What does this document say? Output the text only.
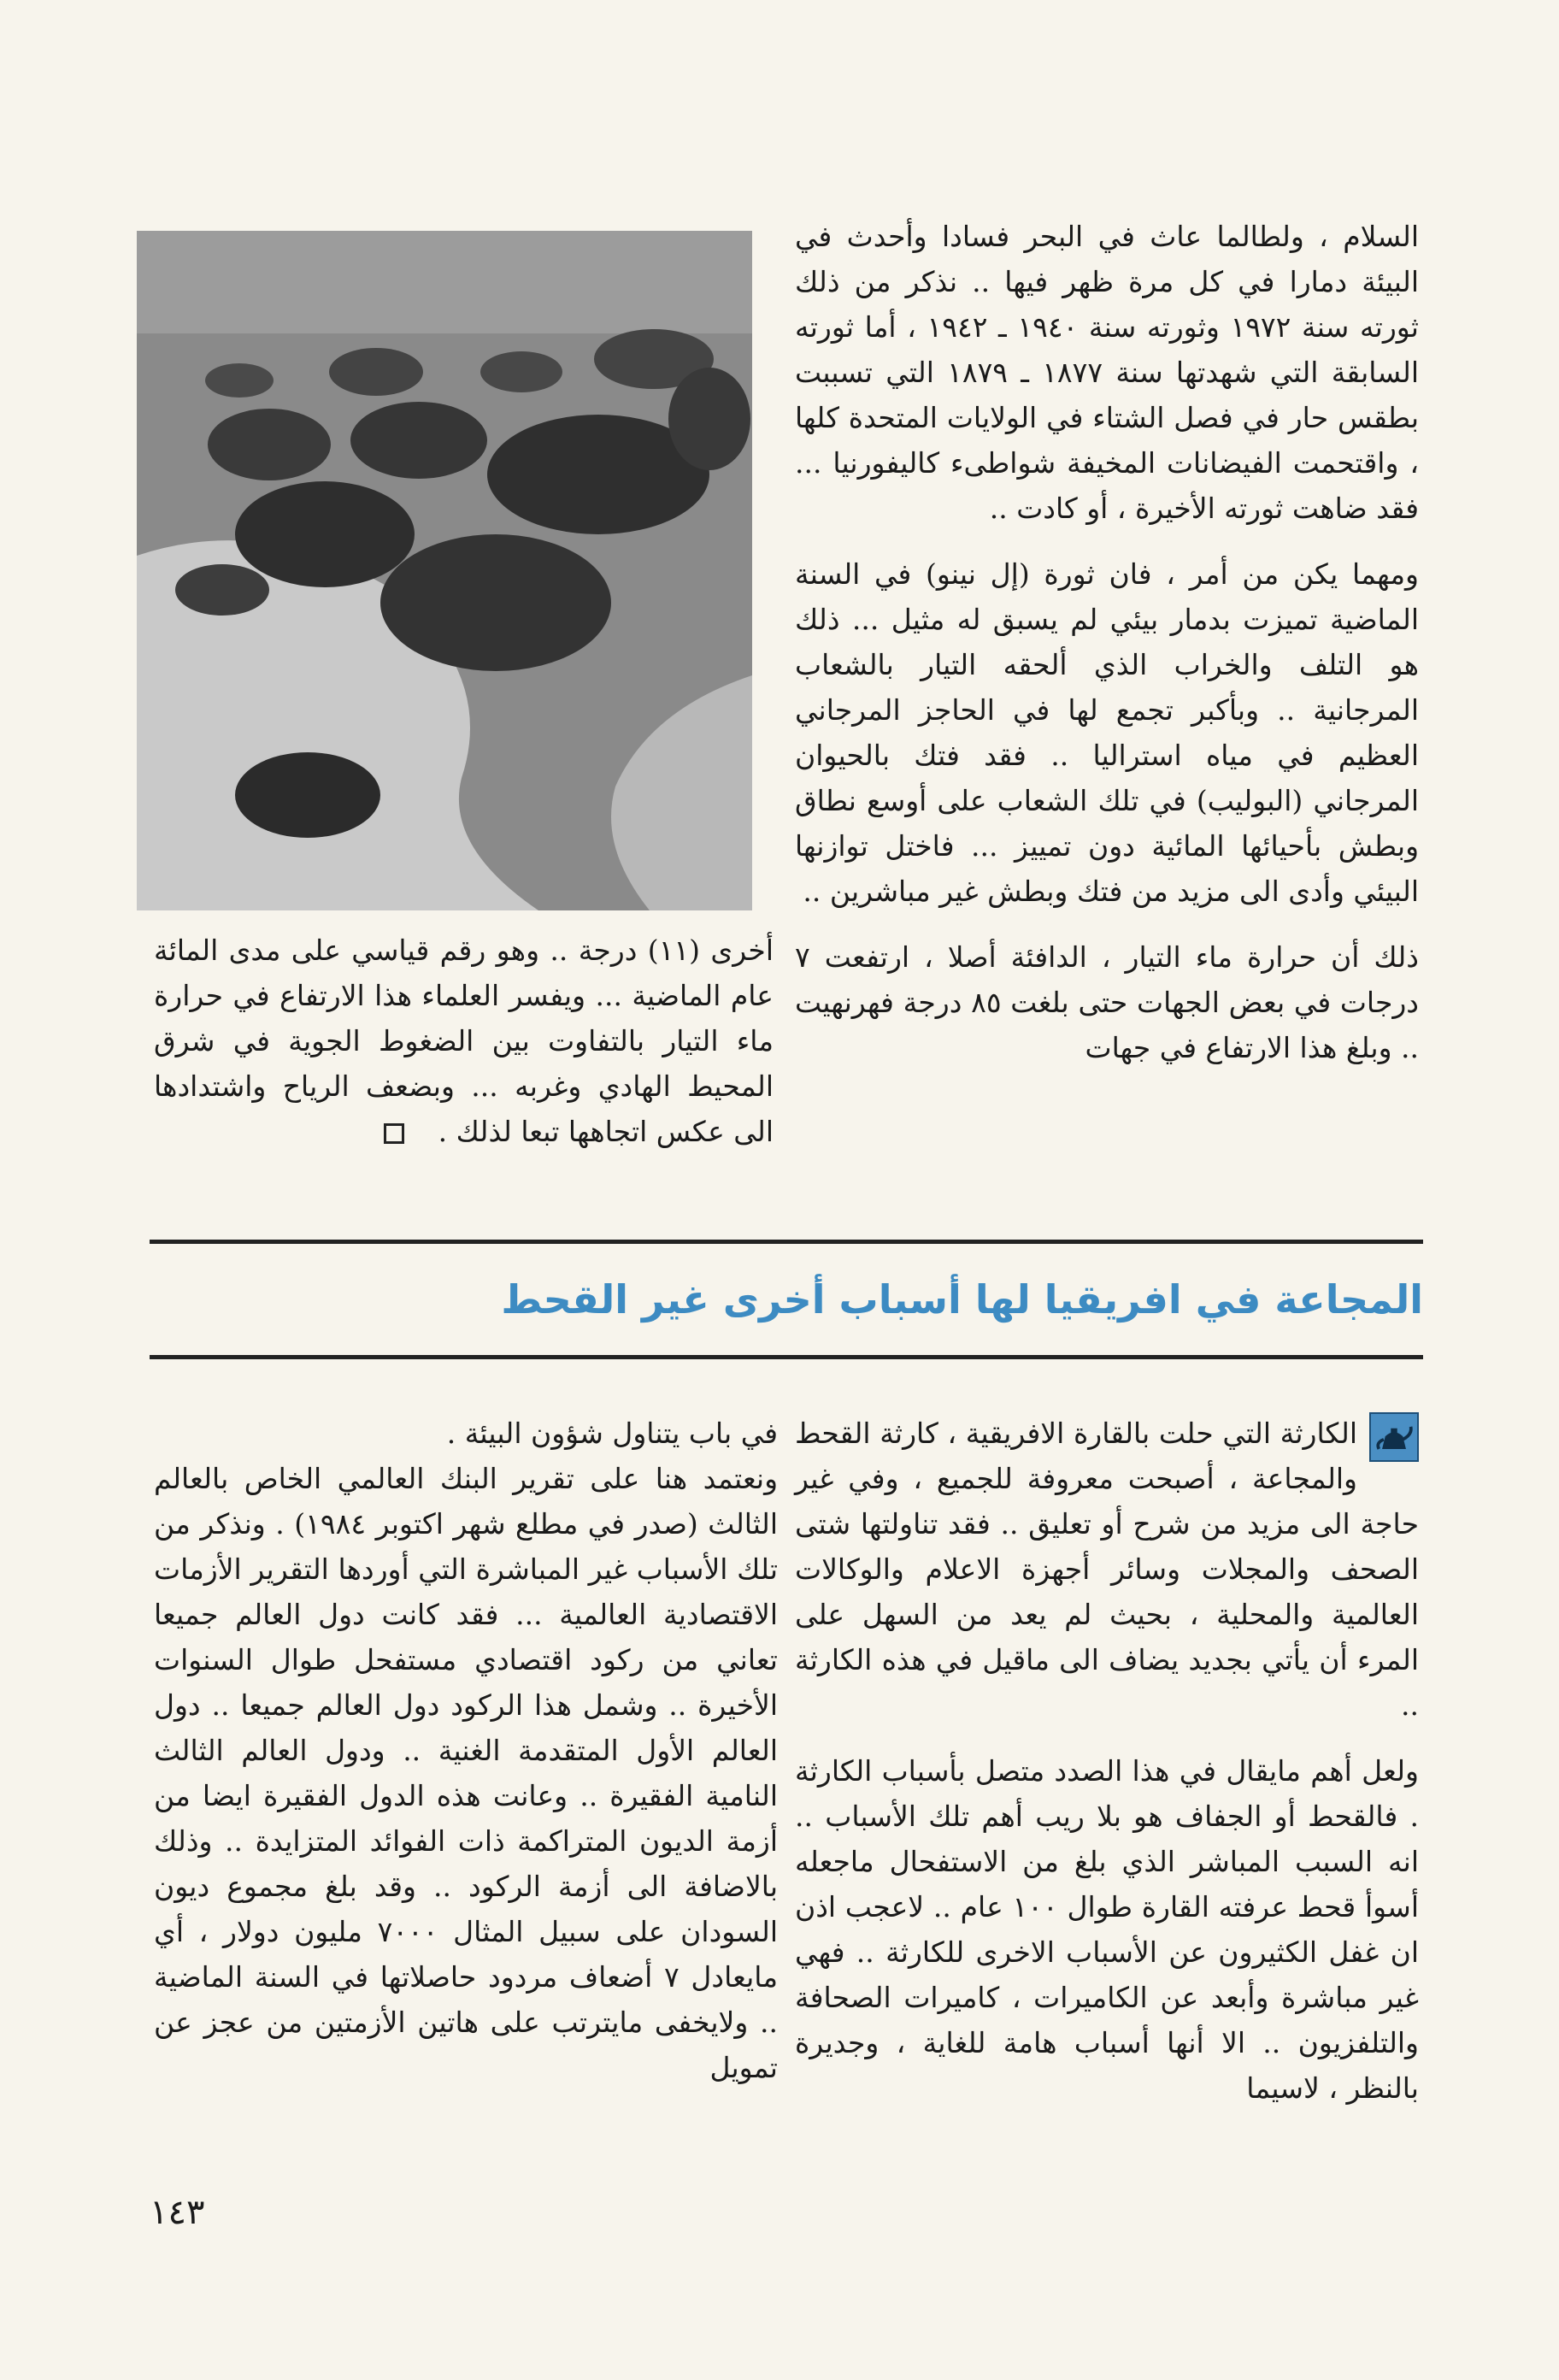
السلام ، ولطالما عاث في البحر فسادا وأحدث في البيئة دمارا في كل مرة ظهر فيها .. نذكر من ذلك ثورته سنة ١٩٧٢ وثورته سنة ١٩٤٠ ـ ١٩٤٢ ، أما ثورته السابقة التي شهدتها سنة ١٨٧٧ ـ ١٨٧٩ التي تسببت بطقس حار في فصل الشتاء في الولايات المتحدة كلها ، واقتحمت الفيضانات المخيفة شواطىء كاليفورنيا ... فقد ضاهت ثورته الأخيرة ، أو كادت ..

ومهما يكن من أمر ، فان ثورة (إل نينو) في السنة الماضية تميزت بدمار بيئي لم يسبق له مثيل ... ذلك هو التلف والخراب الذي ألحقه التيار بالشعاب المرجانية .. وبأكبر تجمع لها في الحاجز المرجاني العظيم في مياه استراليا .. فقد فتك بالحيوان المرجاني (البوليب) في تلك الشعاب على أوسع نطاق وبطش بأحيائها المائية دون تمييز ... فاختل توازنها البيئي وأدى الى مزيد من فتك وبطش غير مباشرين ..

ذلك أن حرارة ماء التيار ، الدافئة أصلا ، ارتفعت ٧ درجات في بعض الجهات حتى بلغت ٨٥ درجة فهرنهيت .. وبلغ هذا الارتفاع في جهات

أخرى (١١) درجة .. وهو رقم قياسي على مدى المائة عام الماضية ... ويفسر العلماء هذا الارتفاع في حرارة ماء التيار بالتفاوت بين الضغوط الجوية في شرق المحيط الهادي وغربه ... وبضعف الرياح واشتدادها الى عكس اتجاهها تبعا لذلك .

المجاعة في افريقيا لها أسباب أخرى غير القحط

الكارثة التي حلت بالقارة الافريقية ، كارثة القحط والمجاعة ، أصبحت معروفة للجميع ، وفي غير حاجة الى مزيد من شرح أو تعليق .. فقد تناولتها شتى الصحف والمجلات وسائر أجهزة الاعلام والوكالات العالمية والمحلية ، بحيث لم يعد من السهل على المرء أن يأتي بجديد يضاف الى ماقيل في هذه الكارثة ..

ولعل أهم مايقال في هذا الصدد متصل بأسباب الكارثة . فالقحط أو الجفاف هو بلا ريب أهم تلك الأسباب .. انه السبب المباشر الذي بلغ من الاستفحال ماجعله أسوأ قحط عرفته القارة طوال ١٠٠ عام .. لاعجب اذن ان غفل الكثيرون عن الأسباب الاخرى للكارثة .. فهي غير مباشرة وأبعد عن الكاميرات ، كاميرات الصحافة والتلفزيون .. الا أنها أسباب هامة للغاية ، وجديرة بالنظر ، لاسيما

في باب يتناول شؤون البيئة .

ونعتمد هنا على تقرير البنك العالمي الخاص بالعالم الثالث (صدر في مطلع شهر اكتوبر ١٩٨٤) . ونذكر من تلك الأسباب غير المباشرة التي أوردها التقرير الأزمات الاقتصادية العالمية ... فقد كانت دول العالم جميعا تعاني من ركود اقتصادي مستفحل طوال السنوات الأخيرة .. وشمل هذا الركود دول العالم جميعا .. دول العالم الأول المتقدمة الغنية .. ودول العالم الثالث النامية الفقيرة .. وعانت هذه الدول الفقيرة ايضا من أزمة الديون المتراكمة ذات الفوائد المتزايدة .. وذلك بالاضافة الى أزمة الركود .. وقد بلغ مجموع ديون السودان على سبيل المثال ٧٠٠٠ مليون دولار ، أي مايعادل ٧ أضعاف مردود حاصلاتها في السنة الماضية .. ولايخفى مايترتب على هاتين الأزمتين من عجز عن تمويل

١٤٣
